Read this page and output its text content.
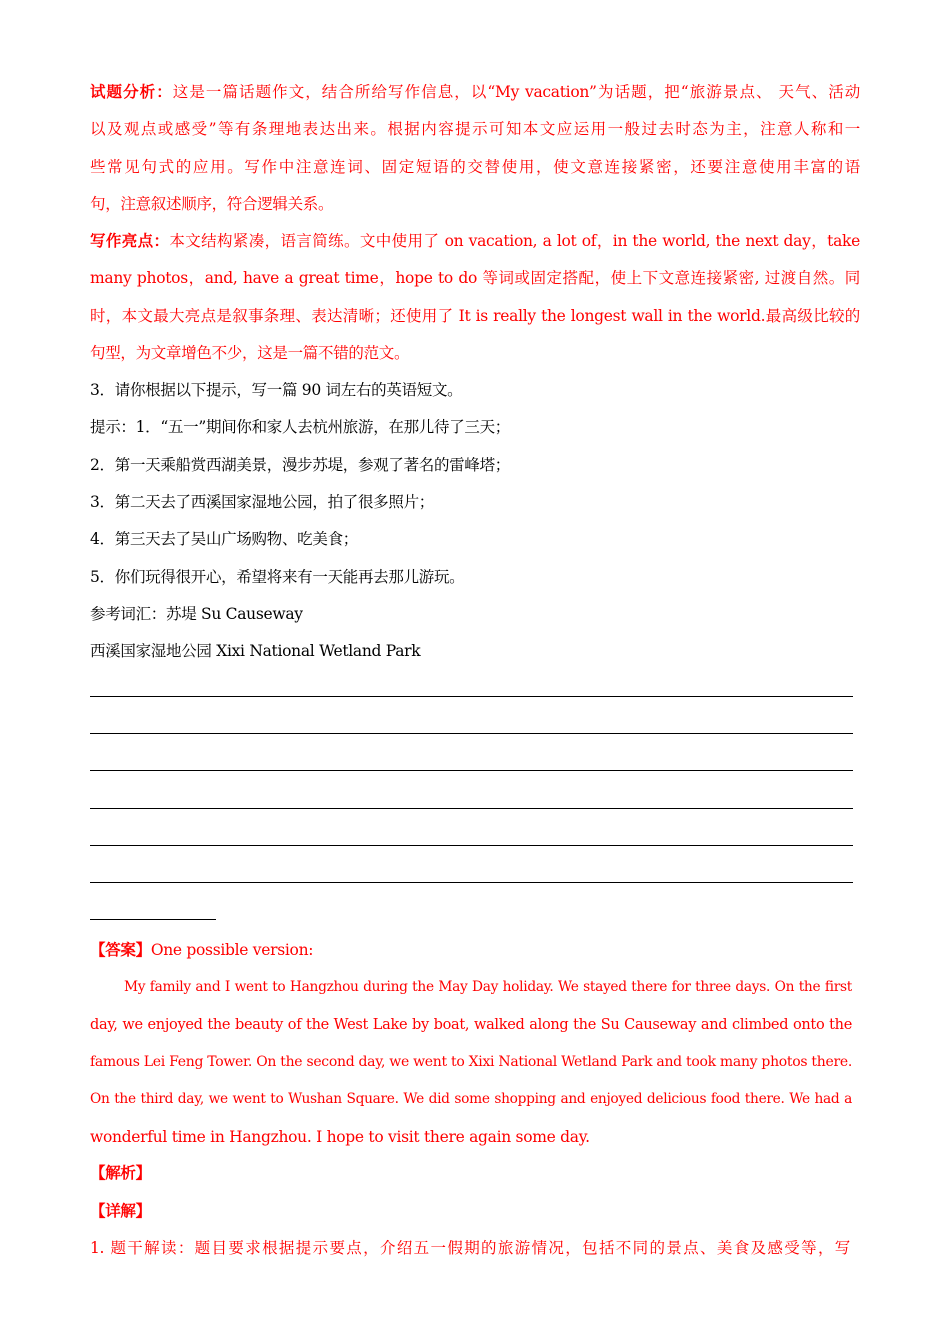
试题分析：这是一篇话题作文，结合所给写作信息，以“My vacation”为话题，把“旅游景点、 天气、活动
以及观点或感受”等有条理地表达出来。根据内容提示可知本文应运用一般过去时态为主，注意人称和一
些常见句式的应用。写作中注意连词、固定短语的交替使用，使文意连接紧密，还要注意使用丰富的语
句，注意叙述顺序，符合逻辑关系。
写作亮点：本文结构紧凑，语言简练。文中使用了 on vacation, a lot of，in the world, the next day，take
many photos，and, have a great time，hope to do 等词或固定搭配，使上下文意连接紧密, 过渡自然。同
时，本文最大亮点是叙事条理、表达清晰；还使用了 It is really the longest wall in the world.最高级比较的
句型，为文章增色不少，这是一篇不错的范文。
3．请你根据以下提示，写一篇 90 词左右的英语短文。
提示：1．“五一”期间你和家人去杭州旅游，在那儿待了三天；
2．第一天乘船赏西湖美景，漫步苏堤，参观了著名的雷峰塔；
3．第二天去了西溪国家湿地公园，拍了很多照片；
4．第三天去了吴山广场购物、吃美食；
5．你们玩得很开心，希望将来有一天能再去那儿游玩。
参考词汇：苏堤 Su Causeway
西溪国家湿地公园 Xixi National Wetland Park
【答案】One possible version:
My family and I went to Hangzhou during the May Day holiday. We stayed there for three days. On the first
day, we enjoyed the beauty of the West Lake by boat, walked along the Su Causeway and climbed onto the
famous Lei Feng Tower. On the second day, we went to Xixi National Wetland Park and took many photos there.
On the third day, we went to Wushan Square. We did some shopping and enjoyed delicious food there. We had a
wonderful time in Hangzhou. I hope to visit there again some day.
【解析】
【详解】
1. 题干解读：题目要求根据提示要点，介绍五一假期的旅游情况，包括不同的景点、美食及感受等，写
